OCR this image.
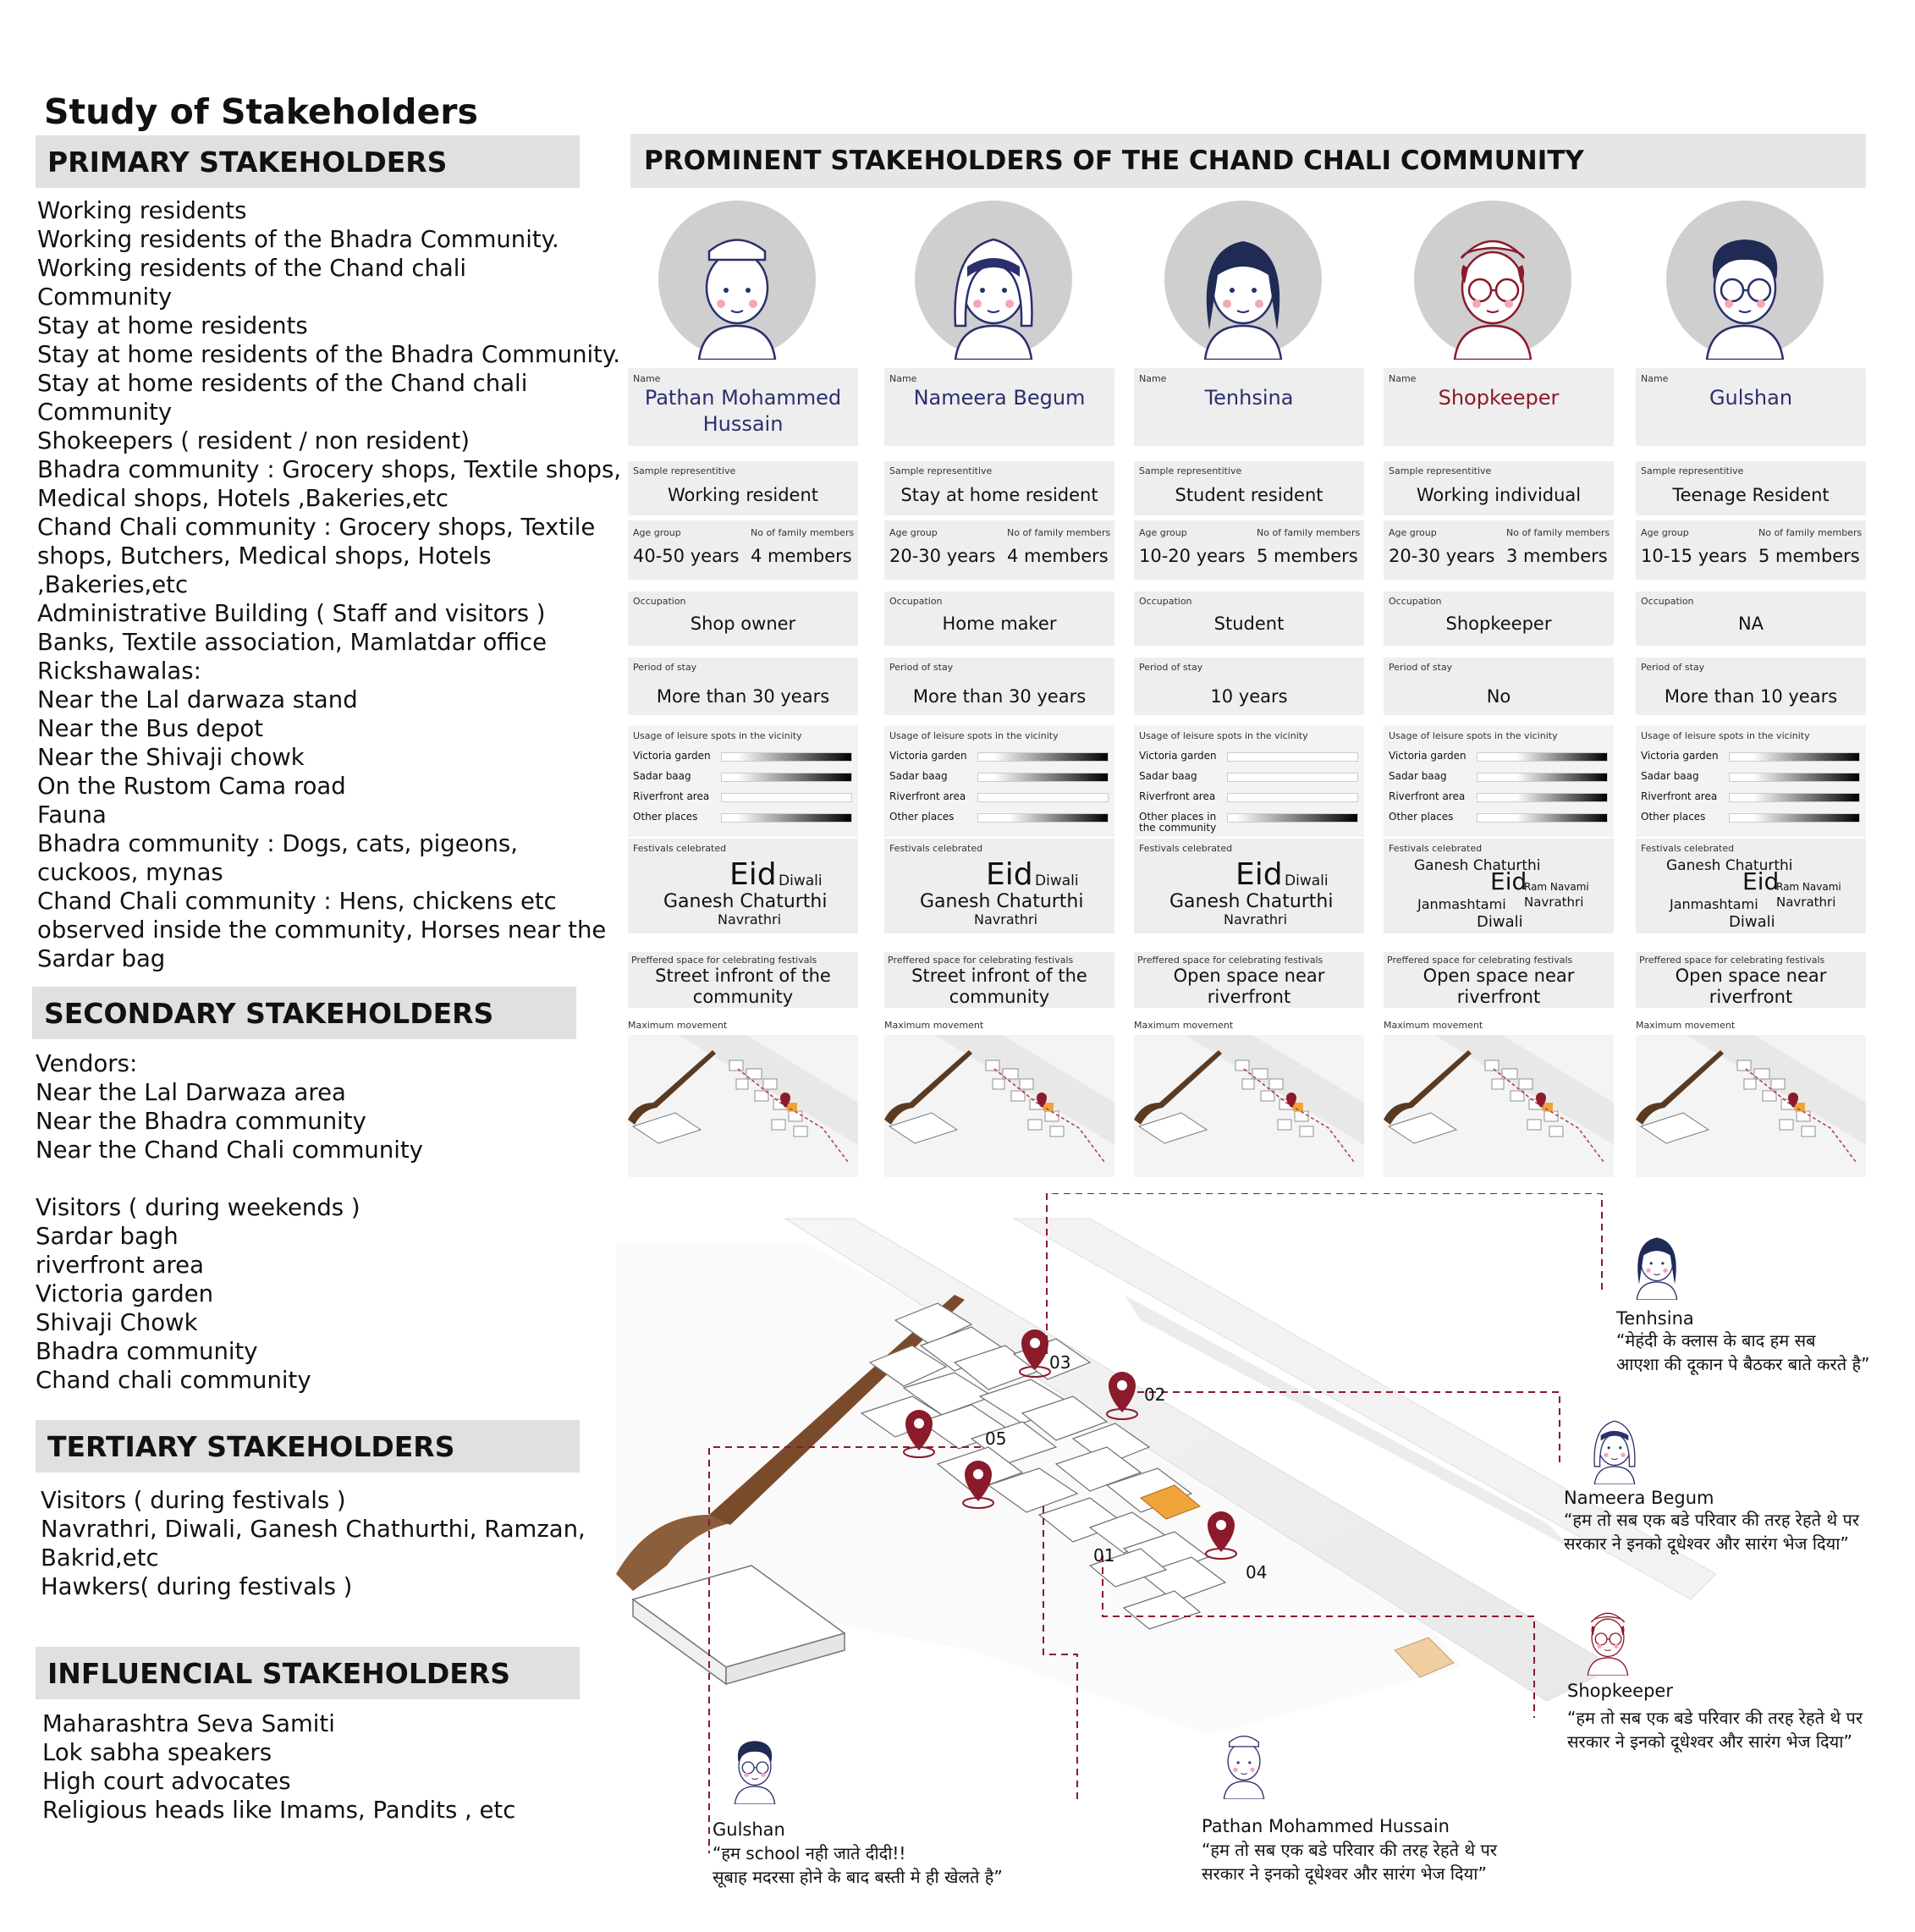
Study of Stakeholders
PRIMARY STAKEHOLDERS
Working residents
Working residents of the Bhadra Community.
Working residents of the Chand chali
Community
Stay at home residents
Stay at home residents of the Bhadra Community.
Stay at home residents of the Chand chali
Community
Shokeepers ( resident / non resident)
Bhadra community : Grocery shops, Textile shops,
Medical shops, Hotels ,Bakeries,etc
Chand Chali community : Grocery shops, Textile
shops, Butchers, Medical shops, Hotels
,Bakeries,etc
Administrative Building ( Staff and visitors )
Banks, Textile association, Mamlatdar office
Rickshawalas:
Near the Lal darwaza stand
Near the Bus depot
Near the Shivaji chowk
On the Rustom Cama road
Fauna
Bhadra community : Dogs, cats, pigeons,
cuckoos, mynas
Chand Chali community : Hens, chickens etc
observed inside the community, Horses near the
Sardar bag
SECONDARY STAKEHOLDERS
Vendors:
Near the Lal Darwaza area
Near the Bhadra community
Near the Chand Chali community
Visitors ( during weekends )
Sardar bagh
riverfront area
Victoria garden
Shivaji Chowk
Bhadra community
Chand chali community
TERTIARY STAKEHOLDERS
Visitors ( during festivals )
Navrathri, Diwali, Ganesh Chathurthi, Ramzan,
Bakrid,etc
Hawkers( during festivals )
INFLUENCIAL STAKEHOLDERS
Maharashtra Seva Samiti
Lok sabha speakers
High court advocates
Religious heads like Imams, Pandits , etc
PROMINENT STAKEHOLDERS OF THE CHAND CHALI COMMUNITY
Name
Pathan Mohammed Hussain
Sample representitive
Working resident
Age group
40-50 years
No of family members
4 members
Occupation
Shop owner
Period of stay
More than 30 years
Usage of leisure spots in the vicinity
Victoria garden
Sadar baag
Riverfront area
Other places
Festivals celebrated
Eid Diwali
Ganesh Chaturthi
Navrathri
Preffered space for celebrating festivals
Street infront of the community
Maximum movement
Name
Nameera Begum
Sample representitive
Stay at home resident
Age group
20-30 years
No of family members
4 members
Occupation
Home maker
Period of stay
More than 30 years
Usage of leisure spots in the vicinity
Victoria garden
Sadar baag
Riverfront area
Other places
Festivals celebrated
Eid Diwali
Ganesh Chaturthi
Navrathri
Preffered space for celebrating festivals
Street infront of the community
Maximum movement
Name
Tenhsina
Sample representitive
Student resident
Age group
10-20 years
No of family members
5 members
Occupation
Student
Period of stay
10 years
Usage of leisure spots in the vicinity
Victoria garden
Sadar baag
Riverfront area
Other places in the community
Festivals celebrated
Eid Diwali
Ganesh Chaturthi
Navrathri
Preffered space for celebrating festivals
Open space near riverfront
Maximum movement
Name
Shopkeeper
Sample representitive
Working individual
Age group
20-30 years
No of family members
3 members
Occupation
Shopkeeper
Period of stay
No
Usage of leisure spots in the vicinity
Victoria garden
Sadar baag
Riverfront area
Other places
Festivals celebrated
Ganesh Chaturthi
Eid
Ram Navami
Janmashtami Navrathri
Diwali
Preffered space for celebrating festivals
Open space near riverfront
Maximum movement
Name
Gulshan
Sample representitive
Teenage Resident
Age group
10-15 years
No of family members
5 members
Occupation
NA
Period of stay
More than 10 years
Usage of leisure spots in the vicinity
Victoria garden
Sadar baag
Riverfront area
Other places
Festivals celebrated
Ganesh Chaturthi
Eid
Ram Navami
Janmashtami Navrathri
Diwali
Preffered space for celebrating festivals
Open space near riverfront
Maximum movement
03
02
05
01
04
Tenhsina
“मेहंदी के क्लास के बाद हम सब
आएशा की दूकान पे बैठकर बाते करते है”
Nameera Begum
“हम तो सब एक बडे परिवार की तरह रेहते थे पर
सरकार ने इनको दूधेश्वर और सारंग भेज दिया”
Shopkeeper
“हम तो सब एक बडे परिवार की तरह रेहते थे पर
सरकार ने इनको दूधेश्वर और सारंग भेज दिया”
Pathan Mohammed Hussain
“हम तो सब एक बडे परिवार की तरह रेहते थे पर
सरकार ने इनको दूधेश्वर और सारंग भेज दिया”
Gulshan
“हम school नही जाते दीदी!!
सूबाह मदरसा होने के बाद बस्ती मे ही खेलते है”
